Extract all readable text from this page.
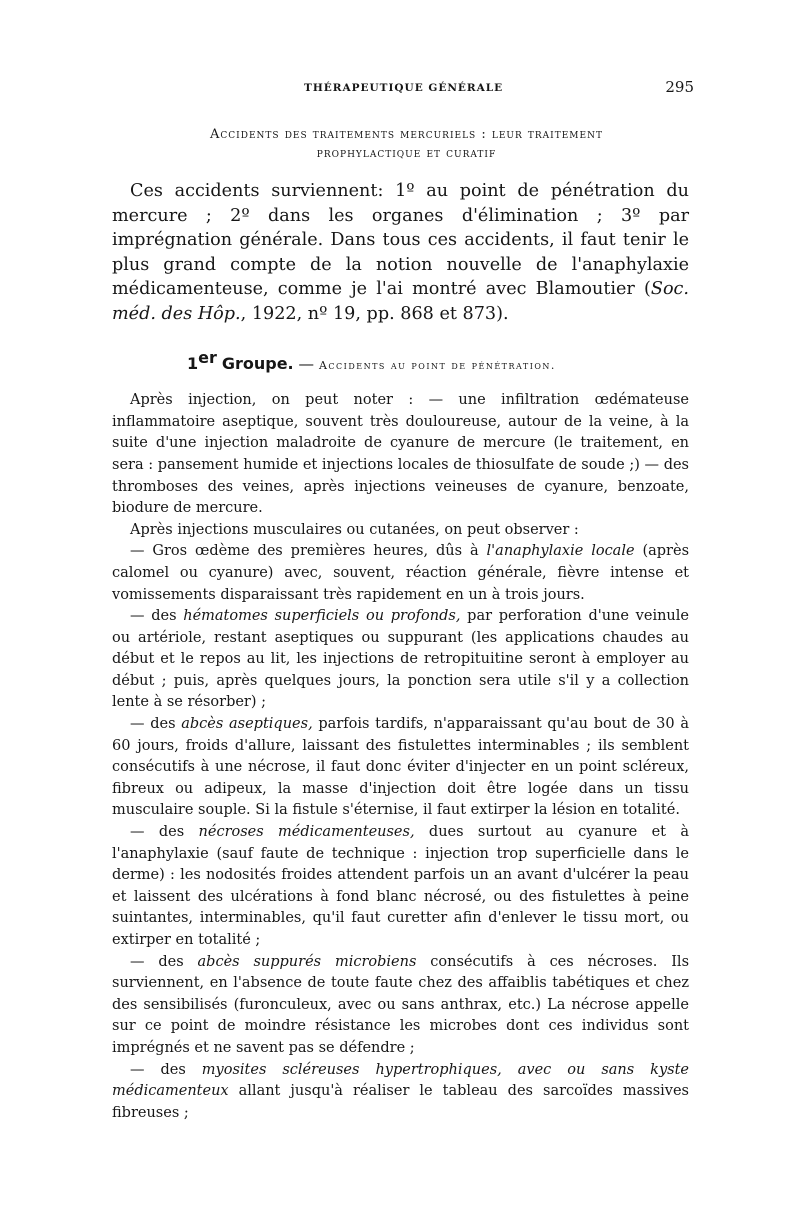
THÉRAPEUTIQUE GÉNÉRALE	295
Accidents des traitements mercuriels : leur traitement
prophylactique et curatif

Ces accidents surviennent: 1º au point de pénétration du mercure ; 2º dans les organes d'élimination ; 3º par imprégnation générale. Dans tous ces accidents, il faut tenir le plus grand compte de la notion nouvelle de l'anaphylaxie médicamenteuse, comme je l'ai montré avec Blamoutier (Soc. méd. des Hôp., 1922, nº 19, pp. 868 et 873).

1er Groupe. — Accidents au point de pénétration.

Après injection, on peut noter : — une infiltration œdémateuse inflammatoire aseptique, souvent très douloureuse, autour de la veine, à la suite d'une injection maladroite de cyanure de mercure (le traitement, en sera : pansement humide et injections locales de thiosulfate de soude ;) — des thromboses des veines, après injections veineuses de cyanure, benzoate, biodure de mercure.

Après injections musculaires ou cutanées, on peut observer :

— Gros œdème des premières heures, dûs à l'anaphylaxie locale (après calomel ou cyanure) avec, souvent, réaction générale, fièvre intense et vomissements disparaissant très rapidement en un à trois jours.

— des hématomes superficiels ou profonds, par perforation d'une veinule ou artériole, restant aseptiques ou suppurant (les applications chaudes au début et le repos au lit, les injections de retropituitine seront à employer au début ; puis, après quelques jours, la ponction sera utile s'il y a collection lente à se résorber) ;

— des abcès aseptiques, parfois tardifs, n'apparaissant qu'au bout de 30 à 60 jours, froids d'allure, laissant des fistulettes interminables ; ils semblent consécutifs à une nécrose, il faut donc éviter d'injecter en un point scléreux, fibreux ou adipeux, la masse d'injection doit être logée dans un tissu musculaire souple. Si la fistule s'éternise, il faut extirper la lésion en totalité.

— des nécroses médicamenteuses, dues surtout au cyanure et à l'anaphylaxie (sauf faute de technique : injection trop superficielle dans le derme) : les nodosités froides attendent parfois un an avant d'ulcérer la peau et laissent des ulcérations à fond blanc nécrosé, ou des fistulettes à peine suintantes, interminables, qu'il faut curetter afin d'enlever le tissu mort, ou extirper en totalité ;

— des abcès suppurés microbiens consécutifs à ces nécroses. Ils surviennent, en l'absence de toute faute chez des affaiblis tabétiques et chez des sensibilisés (furonculeux, avec ou sans anthrax, etc.) La nécrose appelle sur ce point de moindre résistance les microbes dont ces individus sont imprégnés et ne savent pas se défendre ;

— des myosites scléreuses hypertrophiques, avec ou sans kyste médicamenteux allant jusqu'à réaliser le tableau des sarcoïdes massives fibreuses ;
